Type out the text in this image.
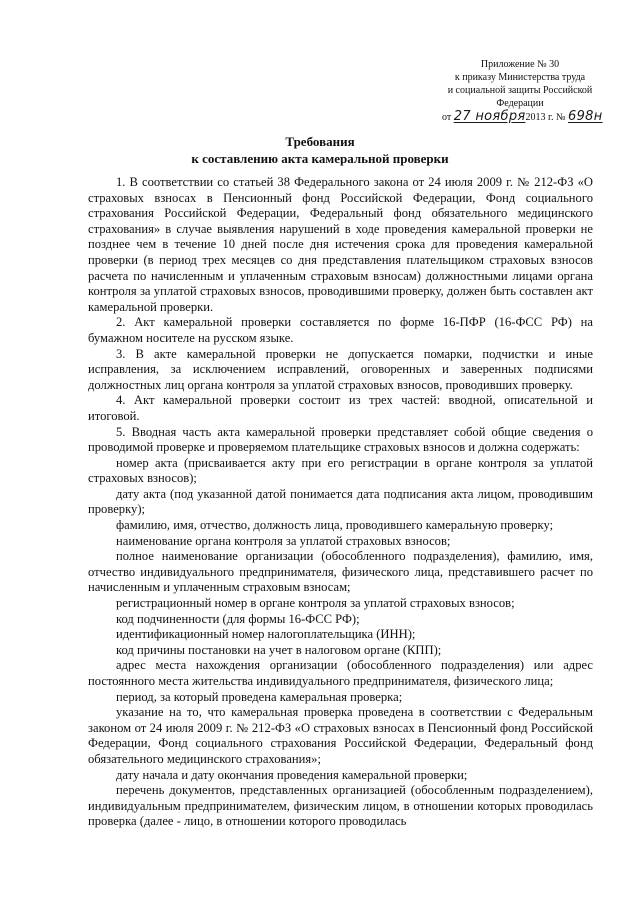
Приложение № 30
к приказу Министерства труда
и социальной защиты Российской
Федерации
от 27 ноября2013 г. № 698н
Требования
к составлению акта камеральной проверки

1. В соответствии со статьей 38 Федерального закона от 24 июля 2009 г. № 212-ФЗ «О страховых взносах в Пенсионный фонд Российской Федерации, Фонд социального страхования Российской Федерации, Федеральный фонд обязательного медицинского страхования» в случае выявления нарушений в ходе проведения камеральной проверки не позднее чем в течение 10 дней после дня истечения срока для проведения камеральной проверки (в период трех месяцев со дня представления плательщиком страховых взносов расчета по начисленным и уплаченным страховым взносам) должностными лицами органа контроля за уплатой страховых взносов, проводившими проверку, должен быть составлен акт камеральной проверки.

2. Акт камеральной проверки составляется по форме 16-ПФР (16-ФСС РФ) на бумажном носителе на русском языке.

3. В акте камеральной проверки не допускается помарки, подчистки и иные исправления, за исключением исправлений, оговоренных и заверенных подписями должностных лиц органа контроля за уплатой страховых взносов, проводивших проверку.

4. Акт камеральной проверки состоит из трех частей: вводной, описательной и итоговой.

5. Вводная часть акта камеральной проверки представляет собой общие сведения о проводимой проверке и проверяемом плательщике страховых взносов и должна содержать:

номер акта (присваивается акту при его регистрации в органе контроля за уплатой страховых взносов);

дату акта (под указанной датой понимается дата подписания акта лицом, проводившим проверку);

фамилию, имя, отчество, должность лица, проводившего камеральную проверку;

наименование органа контроля за уплатой страховых взносов;

полное наименование организации (обособленного подразделения), фамилию, имя, отчество индивидуального предпринимателя, физического лица, представившего расчет по начисленным и уплаченным страховым взносам;

регистрационный номер в органе контроля за уплатой страховых взносов;

код подчиненности (для формы 16-ФСС РФ);

идентификационный номер налогоплательщика (ИНН);

код причины постановки на учет в налоговом органе (КПП);

адрес места нахождения организации (обособленного подразделения) или адрес постоянного места жительства индивидуального предпринимателя, физического лица;

период, за который проведена камеральная проверка;

указание на то, что камеральная проверка проведена в соответствии с Федеральным законом от 24 июля 2009 г. № 212-ФЗ «О страховых взносах в Пенсионный фонд Российской Федерации, Фонд социального страхования Российской Федерации, Федеральный фонд обязательного медицинского страхования»;

дату начала и дату окончания проведения камеральной проверки;

перечень документов, представленных организацией (обособленным подразделением), индивидуальным предпринимателем, физическим лицом, в отношении которых проводилась проверка (далее - лицо, в отношении которого проводилась
